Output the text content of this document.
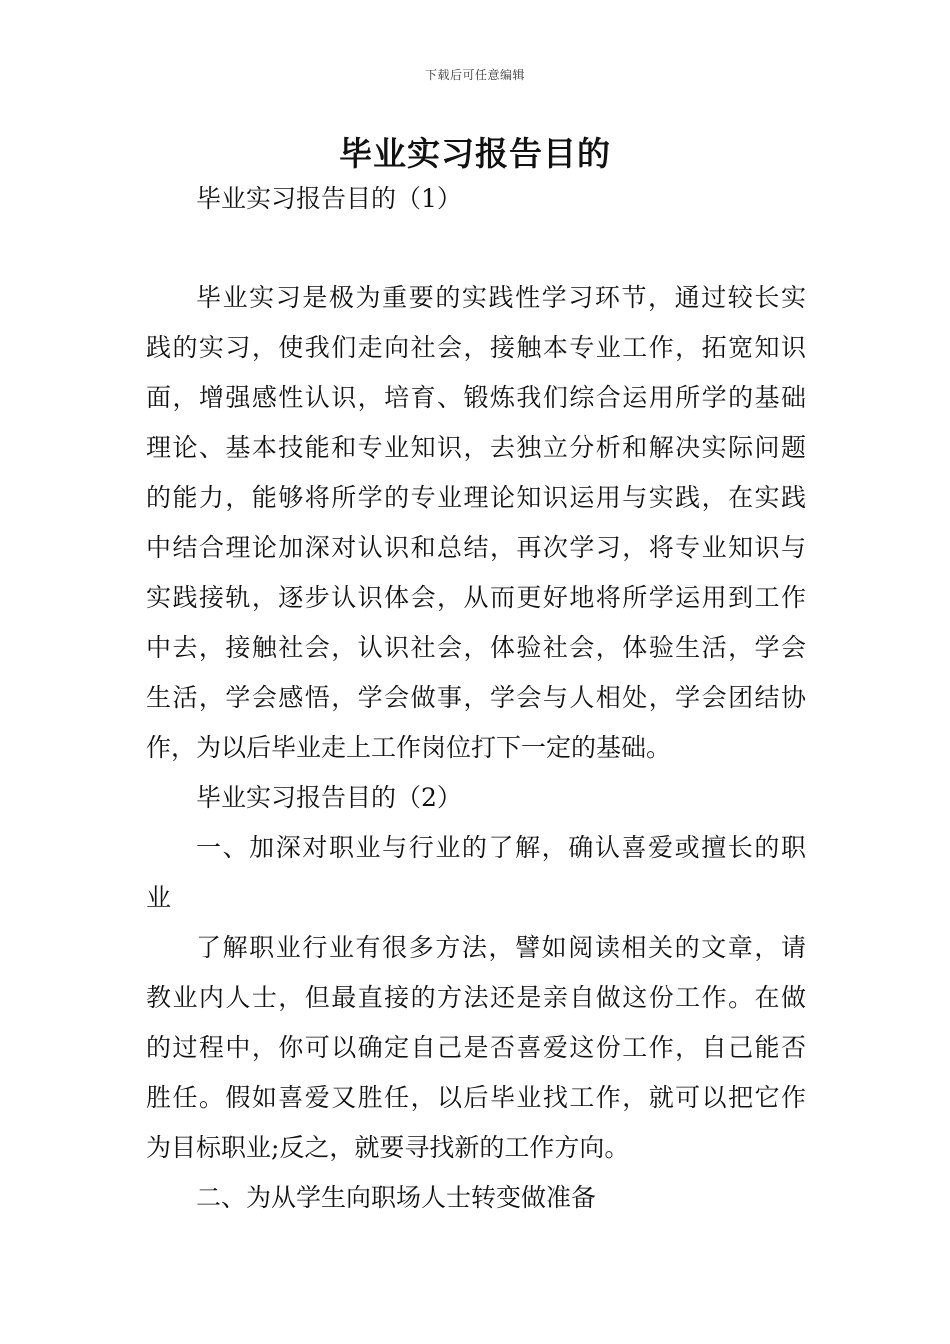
下载后可任意编辑
毕业实习报告目的
毕业实习报告目的（1）
毕业实习是极为重要的实践性学习环节，通过较长实
践的实习，使我们走向社会，接触本专业工作，拓宽知识
面，增强感性认识，培育、锻炼我们综合运用所学的基础
理论、基本技能和专业知识，去独立分析和解决实际问题
的能力，能够将所学的专业理论知识运用与实践，在实践
中结合理论加深对认识和总结，再次学习，将专业知识与
实践接轨，逐步认识体会，从而更好地将所学运用到工作
中去，接触社会，认识社会，体验社会，体验生活，学会
生活，学会感悟，学会做事，学会与人相处，学会团结协
作，为以后毕业走上工作岗位打下一定的基础。
毕业实习报告目的（2）
一、加深对职业与行业的了解，确认喜爱或擅长的职
业
了解职业行业有很多方法，譬如阅读相关的文章，请
教业内人士，但最直接的方法还是亲自做这份工作。在做
的过程中，你可以确定自己是否喜爱这份工作，自己能否
胜任。假如喜爱又胜任，以后毕业找工作，就可以把它作
为目标职业;反之，就要寻找新的工作方向。
二、为从学生向职场人士转变做准备
